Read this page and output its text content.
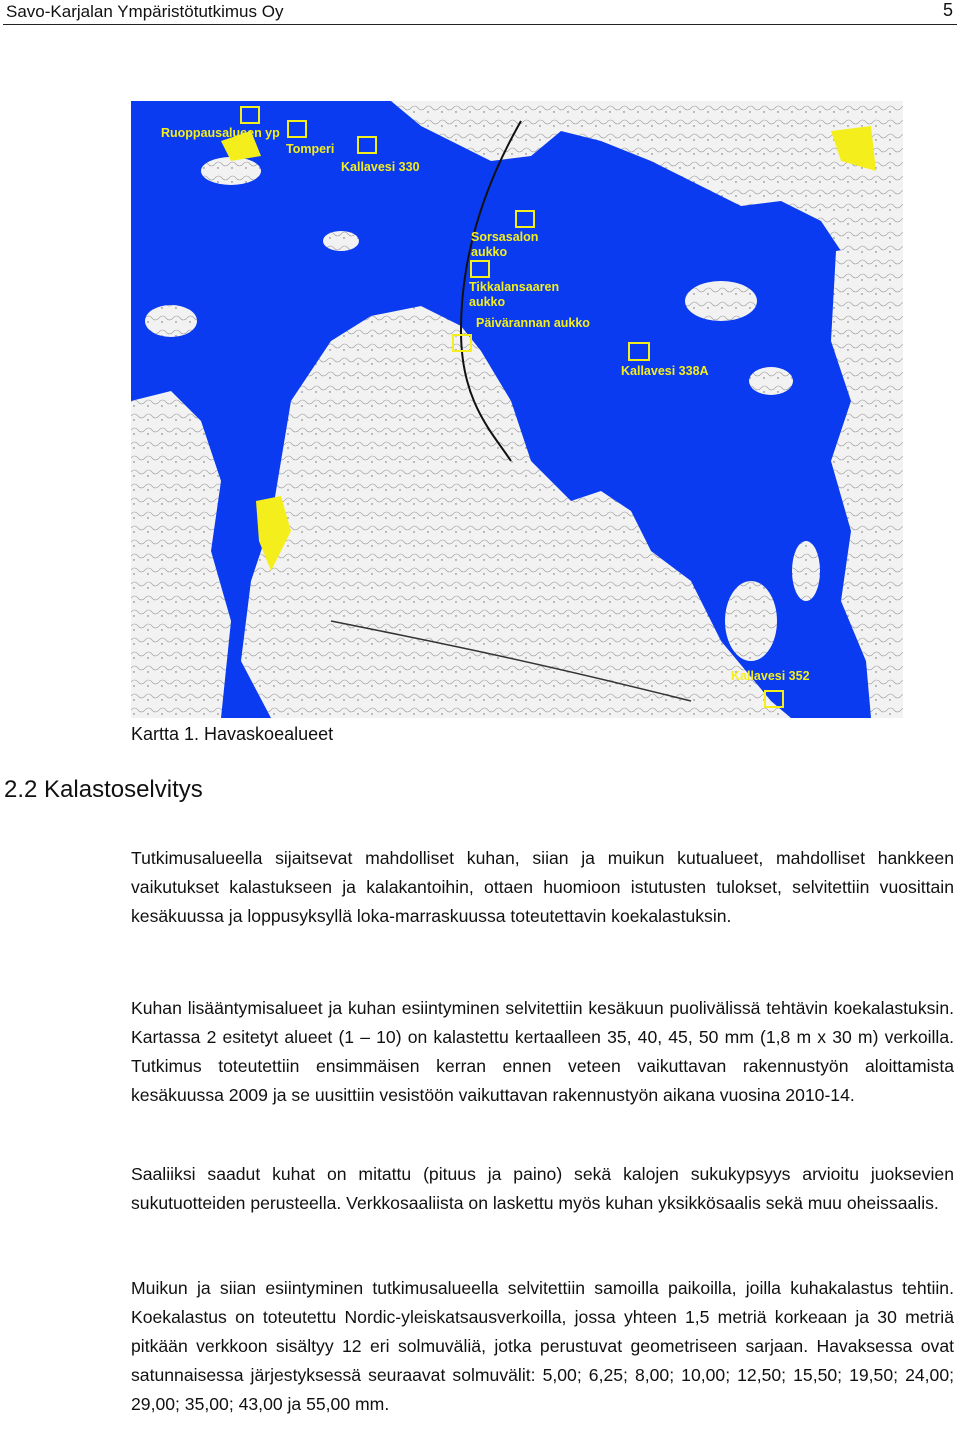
Savo-Karjalan Ympäristötutkimus Oy	5
Ruoppausalueen yp
Tomperi
Kallavesi 330
Sorsasalon
aukko
Tikkalansaaren
aukko
Päivärannan aukko
Kallavesi 338A
Kallavesi 352
Kartta 1. Havaskoealueet
2.2 Kalastoselvitys

Tutkimusalueella sijaitsevat mahdolliset kuhan, siian ja muikun kutualueet, mahdolliset hankkeen vaikutukset kalastukseen ja kalakantoihin, ottaen huomioon istutusten tulokset, selvitettiin vuosittain kesäkuussa ja loppusyksyllä loka-marraskuussa toteutettavin koekalastuksin.

Kuhan lisääntymisalueet ja kuhan esiintyminen selvitettiin kesäkuun puolivälissä tehtävin koekalastuksin. Kartassa 2 esitetyt alueet (1 – 10) on kalastettu kertaalleen 35, 40, 45, 50 mm (1,8 m x 30 m) verkoilla. Tutkimus toteutettiin ensimmäisen kerran ennen veteen vaikuttavan rakennustyön aloittamista kesäkuussa 2009 ja se uusittiin vesistöön vaikuttavan rakennustyön aikana vuosina 2010-14.

Saaliiksi saadut kuhat on mitattu (pituus ja paino) sekä kalojen sukukypsyys arvioitu juoksevien sukutuotteiden perusteella. Verkkosaaliista on laskettu myös kuhan yksikkösaalis sekä muu oheissaalis.

Muikun ja siian esiintyminen tutkimusalueella selvitettiin samoilla paikoilla, joilla kuhakalastus tehtiin. Koekalastus on toteutettu Nordic-yleiskatsausverkoilla, jossa yhteen 1,5 metriä korkeaan ja 30 metriä pitkään verkkoon sisältyy 12 eri solmuväliä, jotka perustuvat geometriseen sarjaan. Havaksessa ovat satunnaisessa järjestyksessä seuraavat solmuvälit: 5,00; 6,25; 8,00; 10,00; 12,50; 15,50; 19,50; 24,00; 29,00; 35,00; 43,00 ja 55,00 mm.
